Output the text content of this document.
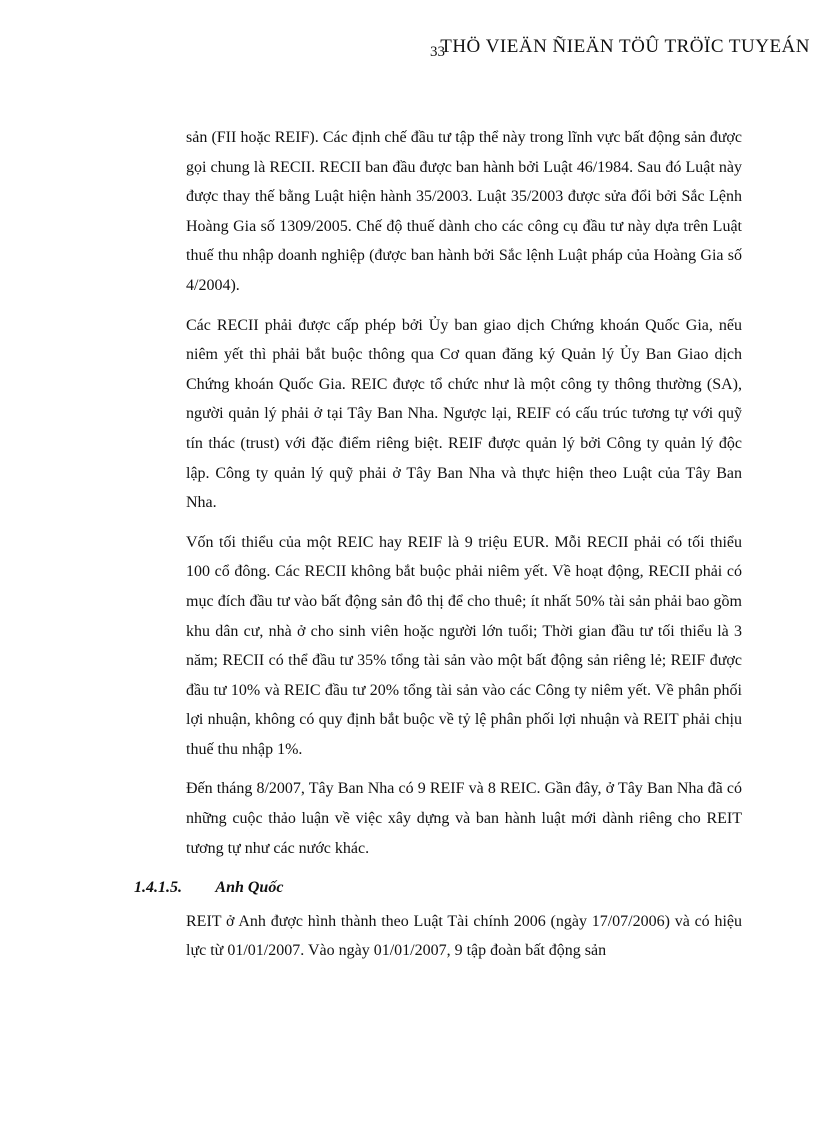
33
THÖ VIEÄN ÑIEÄN TÖÛ TRÖÏC TUYEÁN

sản (FII hoặc REIF). Các định chế đầu tư tập thể này trong lĩnh vực bất động sản được gọi chung là RECII. RECII ban đầu được ban hành bởi Luật 46/1984. Sau đó Luật này được thay thế bằng Luật hiện hành 35/2003. Luật 35/2003 được sửa đổi bởi Sắc Lệnh Hoàng Gia số 1309/2005. Chế độ thuế dành cho các công cụ đầu tư này dựa trên Luật thuế thu nhập doanh nghiệp (được ban hành bởi Sắc lệnh Luật pháp của Hoàng Gia số 4/2004).

Các RECII phải được cấp phép bởi Ủy ban giao dịch Chứng khoán Quốc Gia, nếu niêm yết thì phải bắt buộc thông qua Cơ quan đăng ký Quản lý Ủy Ban Giao dịch Chứng khoán Quốc Gia. REIC được tổ chức như là một công ty thông thường (SA), người quản lý phải ở tại Tây Ban Nha. Ngược lại, REIF có cấu trúc tương tự với quỹ tín thác (trust) với đặc điểm riêng biệt. REIF được quản lý bởi Công ty quản lý độc lập. Công ty quản lý quỹ phải ở Tây Ban Nha và thực hiện theo Luật của Tây Ban Nha.

Vốn tối thiểu của một REIC hay REIF là 9 triệu EUR. Mỗi RECII phải có tối thiểu 100 cổ đông. Các RECII không bắt buộc phải niêm yết. Về hoạt động, RECII phải có mục đích đầu tư vào bất động sản đô thị để cho thuê; ít nhất 50% tài sản phải bao gồm khu dân cư, nhà ở cho sinh viên hoặc người lớn tuổi; Thời gian đầu tư tối thiểu là 3 năm; RECII có thể đầu tư 35% tổng tài sản vào một bất động sản riêng lẻ; REIF được đầu tư 10% và REIC đầu tư 20% tổng tài sản vào các Công ty niêm yết. Về phân phối lợi nhuận, không có quy định bắt buộc về tỷ lệ phân phối lợi nhuận và REIT phải chịu thuế thu nhập 1%.

Đến tháng 8/2007, Tây Ban Nha có 9 REIF và 8 REIC. Gần đây, ở Tây Ban Nha đã có những cuộc thảo luận về việc xây dựng và ban hành luật mới dành riêng cho REIT tương tự như các nước khác.

1.4.1.5. Anh Quốc

REIT ở Anh được hình thành theo Luật Tài chính 2006 (ngày 17/07/2006) và có hiệu lực từ 01/01/2007. Vào ngày 01/01/2007, 9 tập đoàn bất động sản
